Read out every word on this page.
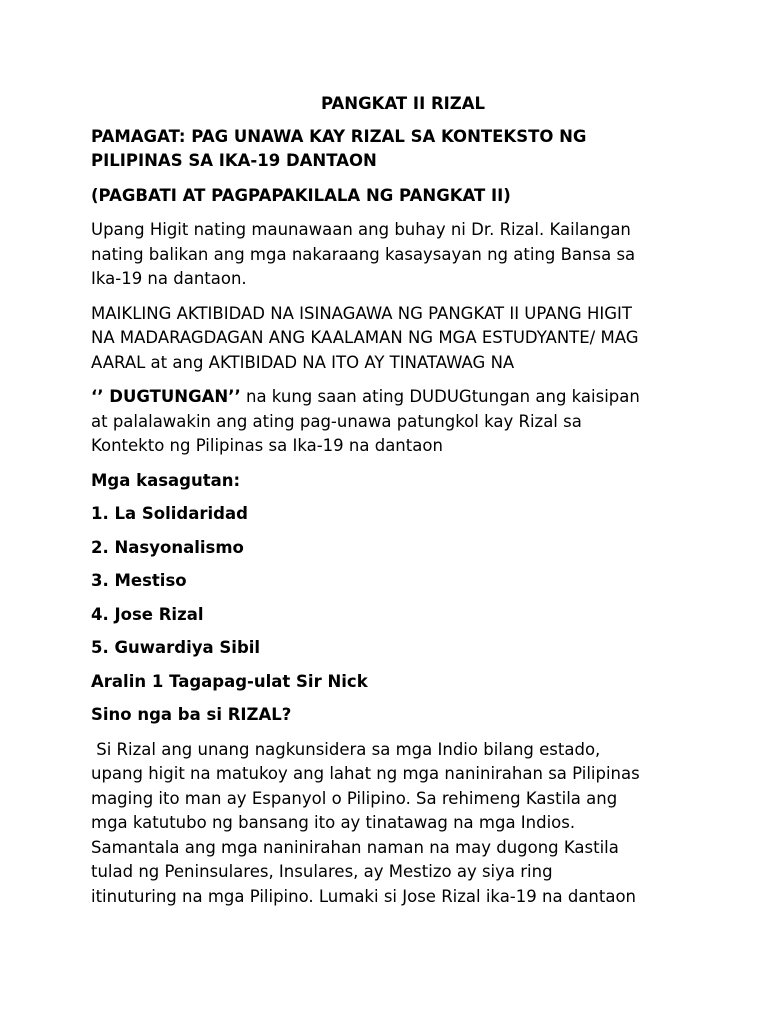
PANGKAT II RIZAL

PAMAGAT: PAG UNAWA KAY RIZAL SA KONTEKSTO NG
PILIPINAS SA IKA-19 DANTAON

(PAGBATI AT PAGPAPAKILALA NG PANGKAT II)

Upang Higit nating maunawaan ang buhay ni Dr. Rizal. Kailangan
nating balikan ang mga nakaraang kasaysayan ng ating Bansa sa
Ika-19 na dantaon.

MAIKLING AKTIBIDAD NA ISINAGAWA NG PANGKAT II UPANG HIGIT
NA MADARAGDAGAN ANG KAALAMAN NG MGA ESTUDYANTE/ MAG
AARAL at ang AKTIBIDAD NA ITO AY TINATAWAG NA

‘’ DUGTUNGAN’’ na kung saan ating DUDUGtungan ang kaisipan
at palalawakin ang ating pag-unawa patungkol kay Rizal sa
Kontekto ng Pilipinas sa Ika-19 na dantaon

Mga kasagutan:

1. La Solidaridad

2. Nasyonalismo

3. Mestiso

4. Jose Rizal

5. Guwardiya Sibil

Aralin 1 Tagapag-ulat Sir Nick

Sino nga ba si RIZAL?

Si Rizal ang unang nagkunsidera sa mga Indio bilang estado,
upang higit na matukoy ang lahat ng mga naninirahan sa Pilipinas
maging ito man ay Espanyol o Pilipino. Sa rehimeng Kastila ang
mga katutubo ng bansang ito ay tinatawag na mga Indios.
Samantala ang mga naninirahan naman na may dugong Kastila
tulad ng Peninsulares, Insulares, ay Mestizo ay siya ring
itinuturing na mga Pilipino. Lumaki si Jose Rizal ika-19 na dantaon
